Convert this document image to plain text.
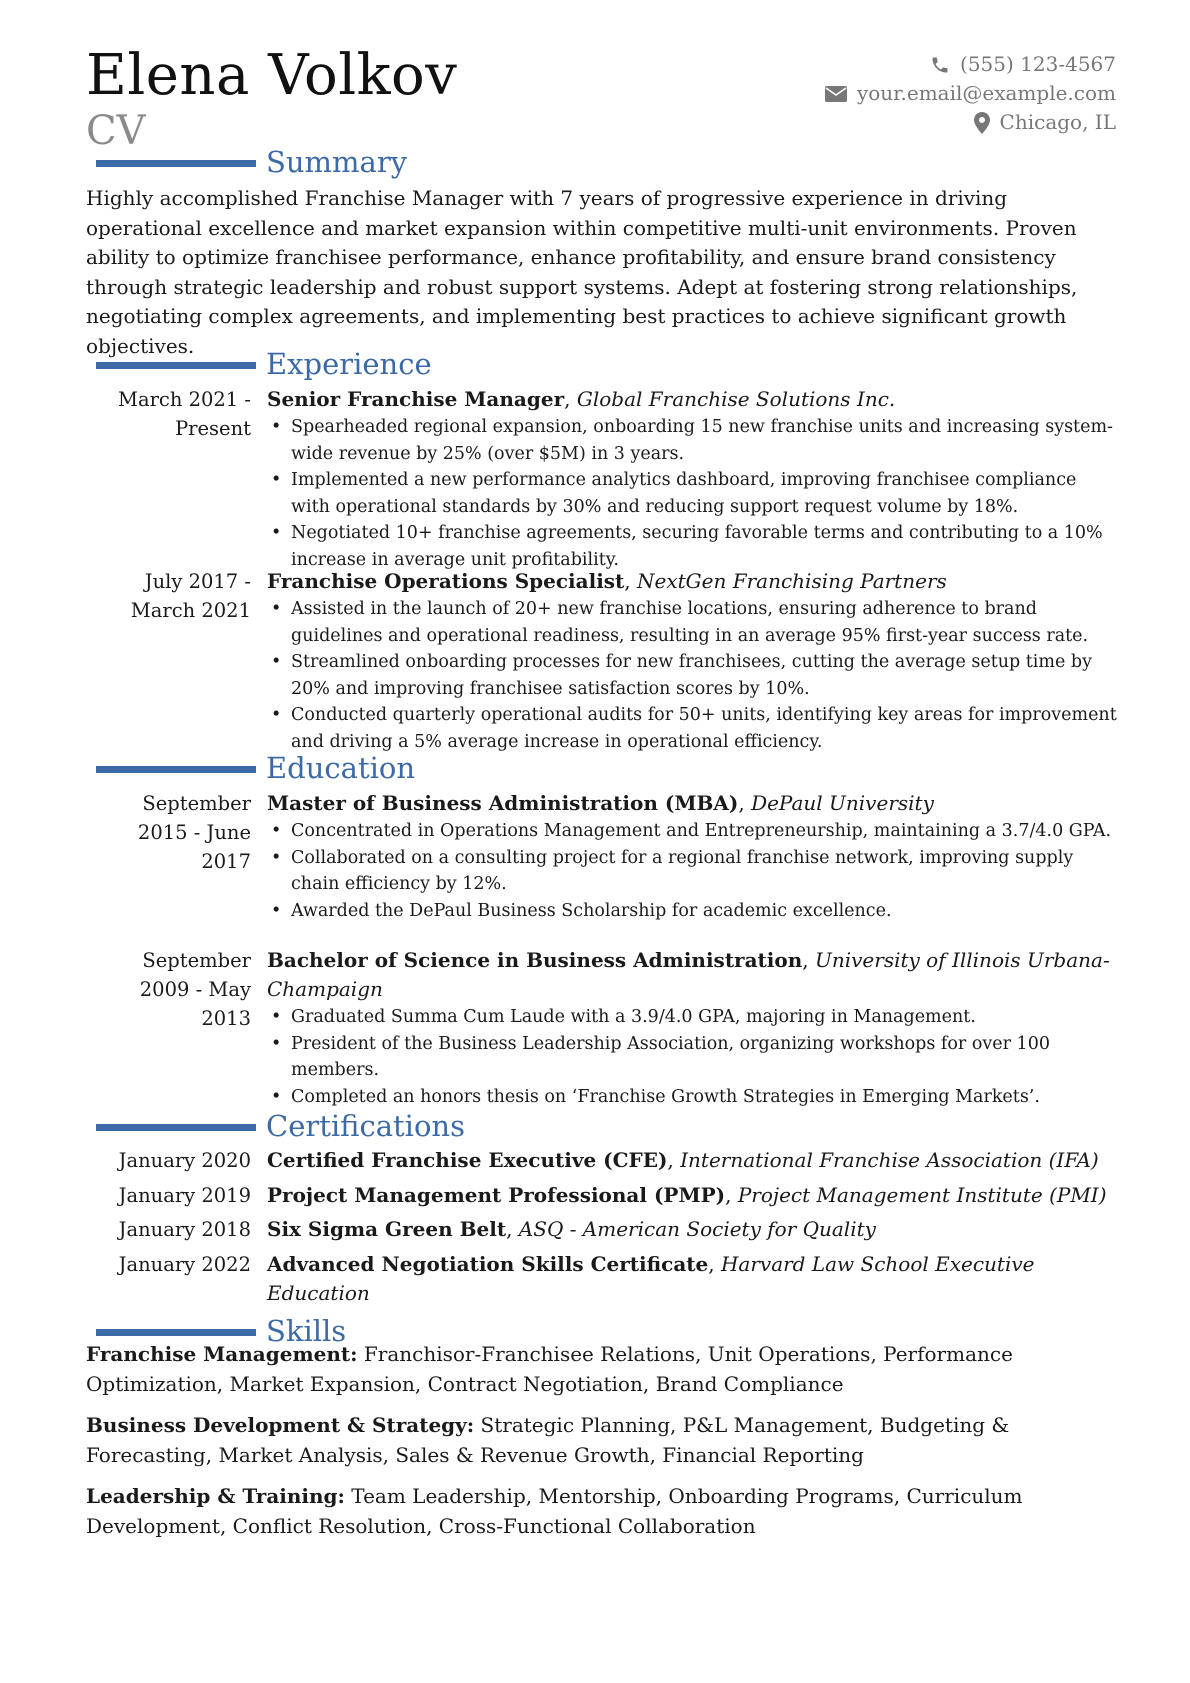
Elena Volkov
CV
(555) 123-4567
your.email@example.com
Chicago, IL
Summary
Highly accomplished Franchise Manager with 7 years of progressive experience in driving operational excellence and market expansion within competitive multi-unit environments. Proven ability to optimize franchisee performance, enhance profitability, and ensure brand consistency through strategic leadership and robust support systems. Adept at fostering strong relationships, negotiating complex agreements, and implementing best practices to achieve significant growth objectives.
Experience
March 2021 - Present
Senior Franchise Manager, Global Franchise Solutions Inc.
• Spearheaded regional expansion, onboarding 15 new franchise units and increasing system-wide revenue by 25% (over $5M) in 3 years.
• Implemented a new performance analytics dashboard, improving franchisee compliance with operational standards by 30% and reducing support request volume by 18%.
• Negotiated 10+ franchise agreements, securing favorable terms and contributing to a 10% increase in average unit profitability.
July 2017 - March 2021
Franchise Operations Specialist, NextGen Franchising Partners
• Assisted in the launch of 20+ new franchise locations, ensuring adherence to brand guidelines and operational readiness, resulting in an average 95% first-year success rate.
• Streamlined onboarding processes for new franchisees, cutting the average setup time by 20% and improving franchisee satisfaction scores by 10%.
• Conducted quarterly operational audits for 50+ units, identifying key areas for improvement and driving a 5% average increase in operational efficiency.
Education
September 2015 - June 2017
Master of Business Administration (MBA), DePaul University
• Concentrated in Operations Management and Entrepreneurship, maintaining a 3.7/4.0 GPA.
• Collaborated on a consulting project for a regional franchise network, improving supply chain efficiency by 12%.
• Awarded the DePaul Business Scholarship for academic excellence.
September 2009 - May 2013
Bachelor of Science in Business Administration, University of Illinois Urbana-Champaign
• Graduated Summa Cum Laude with a 3.9/4.0 GPA, majoring in Management.
• President of the Business Leadership Association, organizing workshops for over 100 members.
• Completed an honors thesis on ‘Franchise Growth Strategies in Emerging Markets’.
Certifications
January 2020 Certified Franchise Executive (CFE), International Franchise Association (IFA)
January 2019 Project Management Professional (PMP), Project Management Institute (PMI)
January 2018 Six Sigma Green Belt, ASQ - American Society for Quality
January 2022 Advanced Negotiation Skills Certificate, Harvard Law School Executive Education
Skills
Franchise Management: Franchisor-Franchisee Relations, Unit Operations, Performance Optimization, Market Expansion, Contract Negotiation, Brand Compliance
Business Development & Strategy: Strategic Planning, P&L Management, Budgeting & Forecasting, Market Analysis, Sales & Revenue Growth, Financial Reporting
Leadership & Training: Team Leadership, Mentorship, Onboarding Programs, Curriculum Development, Conflict Resolution, Cross-Functional Collaboration
